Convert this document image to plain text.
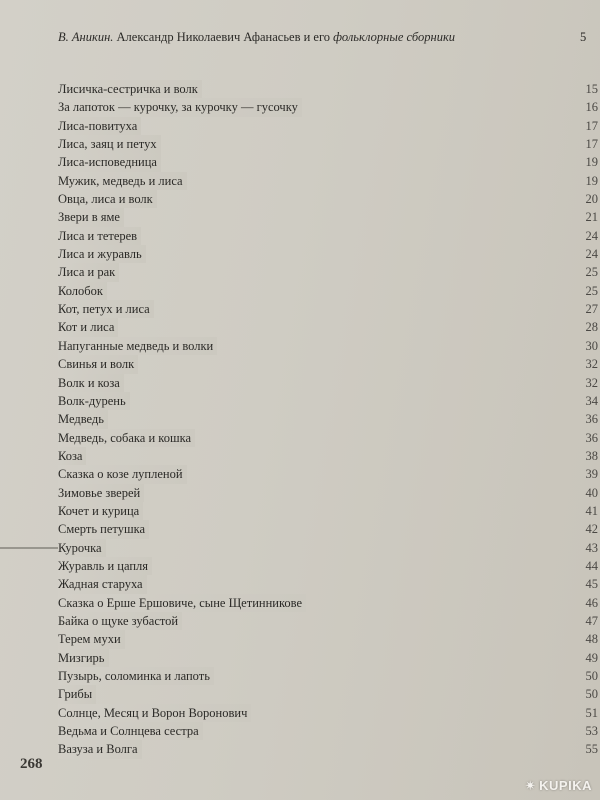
В. Аникин. Александр Николаевич Афанасьев и его фольклорные сборники	5
Лисичка-сестричка и волк	15
За лапоток — курочку, за курочку — гусочку	16
Лиса-повитуха	17
Лиса, заяц и петух	17
Лиса-исповедница	19
Мужик, медведь и лиса	19
Овца, лиса и волк	20
Звери в яме	21
Лиса и тетерев	24
Лиса и журавль	24
Лиса и рак	25
Колобок	25
Кот, петух и лиса	27
Кот и лиса	28
Напуганные медведь и волки	30
Свинья и волк	32
Волк и коза	32
Волк-дурень	34
Медведь	36
Медведь, собака и кошка	36
Коза	38
Сказка о козе лупленой	39
Зимовье зверей	40
Кочет и курица	41
Смерть петушка	42
Курочка	43
Журавль и цапля	44
Жадная старуха	45
Сказка о Ерше Ершовиче, сыне Щетинникове	46
Байка о щуке зубастой	47
Терем мухи	48
Мизгирь	49
Пузырь, соломинка и лапоть	50
Грибы	50
Солнце, Месяц и Ворон Воронович	51
Ведьма и Солнцева сестра	53
Вазуза и Волга	55
268
✷ KUPIKA
